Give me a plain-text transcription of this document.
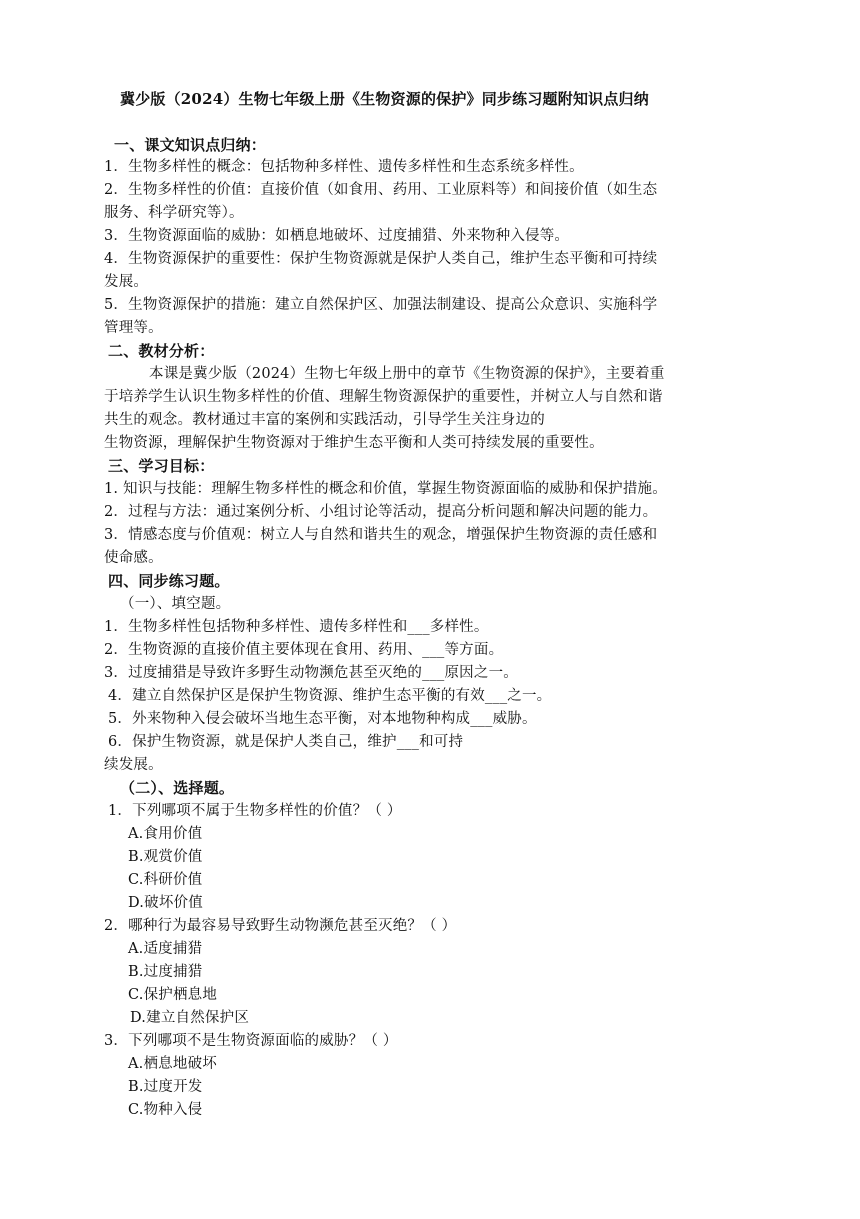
冀少版（2024）生物七年级上册《生物资源的保护》同步练习题附知识点归纳
一、课文知识点归纳：
1．生物多样性的概念：包括物种多样性、遗传多样性和生态系统多样性。
2．生物多样性的价值：直接价值（如食用、药用、工业原料等）和间接价值（如生态
服务、科学研究等）。
3．生物资源面临的威胁：如栖息地破坏、过度捕猎、外来物种入侵等。
4．生物资源保护的重要性：保护生物资源就是保护人类自己，维护生态平衡和可持续
发展。
5．生物资源保护的措施：建立自然保护区、加强法制建设、提高公众意识、实施科学
管理等。
二、教材分析：
本课是冀少版（2024）生物七年级上册中的章节《生物资源的保护》，主要着重
于培养学生认识生物多样性的价值、理解生物资源保护的重要性，并树立人与自然和谐
共生的观念。教材通过丰富的案例和实践活动，引导学生关注身边的
生物资源，理解保护生物资源对于维护生态平衡和人类可持续发展的重要性。
三、学习目标：
1. 知识与技能：理解生物多样性的概念和价值，掌握生物资源面临的威胁和保护措施。
2．过程与方法：通过案例分析、小组讨论等活动，提高分析问题和解决问题的能力。
3．情感态度与价值观：树立人与自然和谐共生的观念，增强保护生物资源的责任感和
使命感。
四、同步练习题。
（一）、填空题。
1．生物多样性包括物种多样性、遗传多样性和___多样性。
2．生物资源的直接价值主要体现在食用、药用、___等方面。
3．过度捕猎是导致许多野生动物濒危甚至灭绝的___原因之一。
4．建立自然保护区是保护生物资源、维护生态平衡的有效___之一。
5．外来物种入侵会破坏当地生态平衡，对本地物种构成___威胁。
6．保护生物资源，就是保护人类自己，维护___和可持
续发展。
（二）、选择题。
1．下列哪项不属于生物多样性的价值？（ ）
A.食用价值
B.观赏价值
C.科研价值
D.破坏价值
2．哪种行为最容易导致野生动物濒危甚至灭绝？（ ）
A.适度捕猎
B.过度捕猎
C.保护栖息地
D.建立自然保护区
3．下列哪项不是生物资源面临的威胁？（ ）
A.栖息地破坏
B.过度开发
C.物种入侵
